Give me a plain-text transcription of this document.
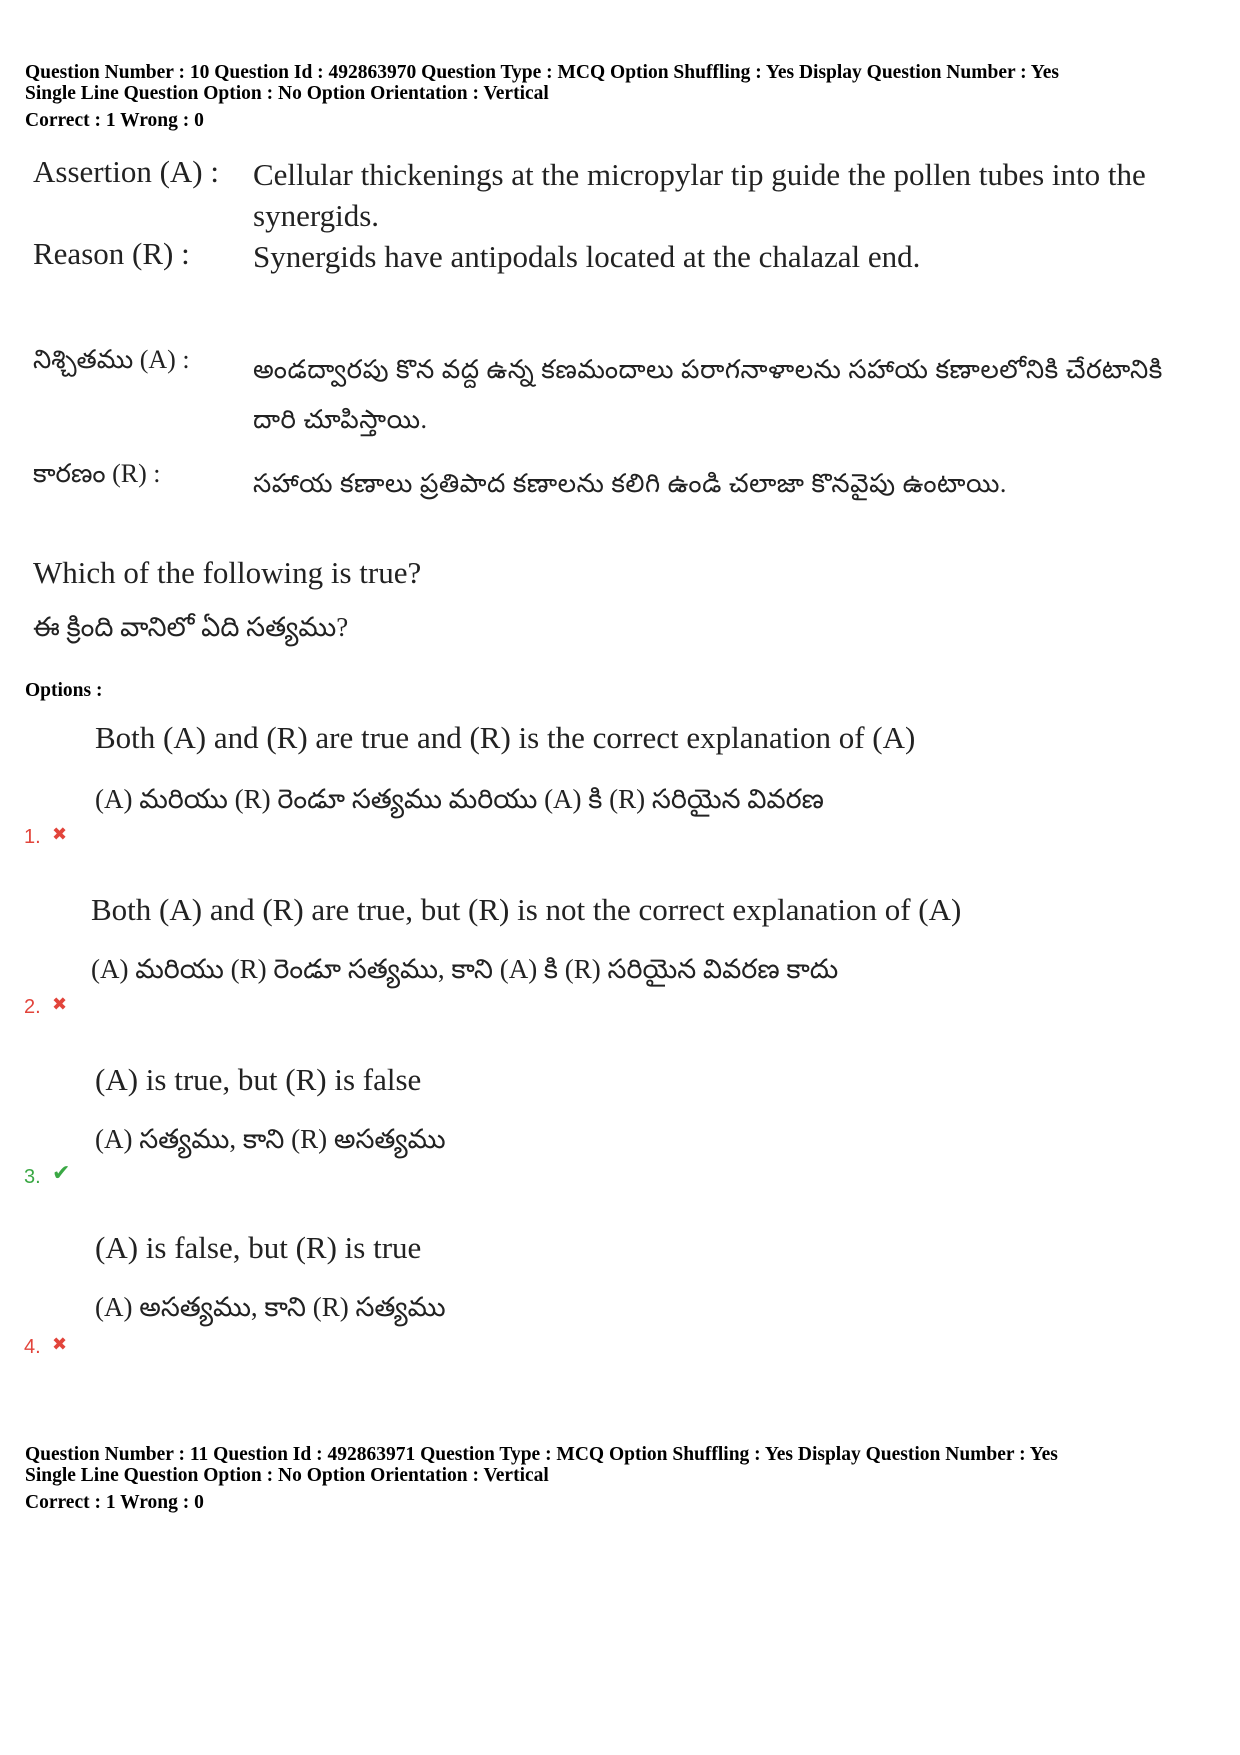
Question Number : 10 Question Id : 492863970 Question Type : MCQ Option Shuffling : Yes Display Question Number : Yes
Single Line Question Option : No Option Orientation : Vertical
Correct : 1 Wrong : 0
Assertion (A) :	Cellular thickenings at the micropylar tip guide the pollen tubes into the synergids.
Reason (R) :	Synergids have antipodals located at the chalazal end.
నిశ్చితము (A) :	అండద్వారపు కొన వద్ద ఉన్న కణమందాలు పరాగనాళాలను సహాయ కణాలలోనికి చేరటానికి దారి చూపిస్తాయి.
కారణం (R) :	సహాయ కణాలు ప్రతిపాద కణాలను కలిగి ఉండి చలాజా కొనవైపు ఉంటాయి.
Which of the following is true?
ఈ క్రింది వానిలో ఏది సత్యము?
Options :
Both (A) and (R) are true and (R) is the correct explanation of (A)
(A) మరియు (R) రెండూ సత్యము మరియు (A) కి (R) సరియైన వివరణ
1. ✖
Both (A) and (R) are true, but (R) is not the correct explanation of (A)
(A) మరియు (R) రెండూ సత్యము, కాని (A) కి (R) సరియైన వివరణ కాదు
2. ✖
(A) is true, but (R) is false
(A) సత్యము, కాని (R) అసత్యము
3. ✔
(A) is false, but (R) is true
(A) అసత్యము, కాని (R) సత్యము
4. ✖
Question Number : 11 Question Id : 492863971 Question Type : MCQ Option Shuffling : Yes Display Question Number : Yes
Single Line Question Option : No Option Orientation : Vertical
Correct : 1 Wrong : 0
